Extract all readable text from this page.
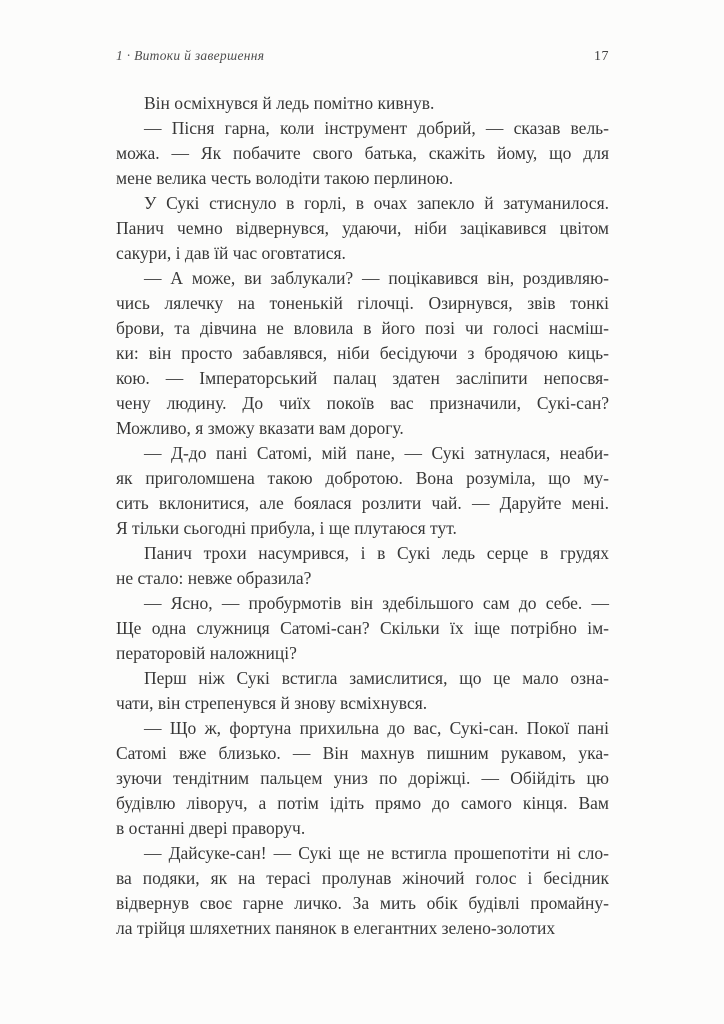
1 · Витоки й завершення	17

Він осміхнувся й ледь помітно кивнув.

— Пісня гарна, коли інструмент добрий, — сказав вель-
можа. — Як побачите свого батька, скажіть йому, що для
мене велика честь володіти такою перлиною.

У Сукі стиснуло в горлі, в очах запекло й затуманилося.
Панич чемно відвернувся, удаючи, ніби зацікавився цвітом
сакури, і дав їй час оговтатися.

— А може, ви заблукали? — поцікавився він, роздивляю-
чись лялечку на тоненькій гілочці. Озирнувся, звів тонкі
брови, та дівчина не вловила в його позі чи голосі насміш-
ки: він просто забавлявся, ніби бесідуючи з бродячою киць-
кою. — Імператорський палац здатен засліпити непосвя-
чену людину. До чиїх покоїв вас призначили, Сукі-сан?
Можливо, я зможу вказати вам дорогу.

— Д-до пані Сатомі, мій пане, — Сукі затнулася, неаби-
як приголомшена такою добротою. Вона розуміла, що му-
сить вклонитися, але боялася розлити чай. — Даруйте мені.
Я тільки сьогодні прибула, і ще плутаюся тут.

Панич трохи насумрився, і в Сукі ледь серце в грудях
не стало: невже образила?

— Ясно, — пробурмотів він здебільшого сам до себе. —
Ще одна служниця Сатомі-сан? Скільки їх іще потрібно ім-
ператоровій наложниці?

Перш ніж Сукі встигла замислитися, що це мало озна-
чати, він стрепенувся й знову всміхнувся.

— Що ж, фортуна прихильна до вас, Сукі-сан. Покої пані
Сатомі вже близько. — Він махнув пишним рукавом, ука-
зуючи тендітним пальцем униз по доріжці. — Обійдіть цю
будівлю ліворуч, а потім ідіть прямо до самого кінця. Вам
в останні двері праворуч.

— Дайсуке-сан! — Сукі ще не встигла прошепотіти ні сло-
ва подяки, як на терасі пролунав жіночий голос і бесідник
відвернув своє гарне личко. За мить обік будівлі промайну-
ла трійця шляхетних панянок в елегантних зелено-золотих
